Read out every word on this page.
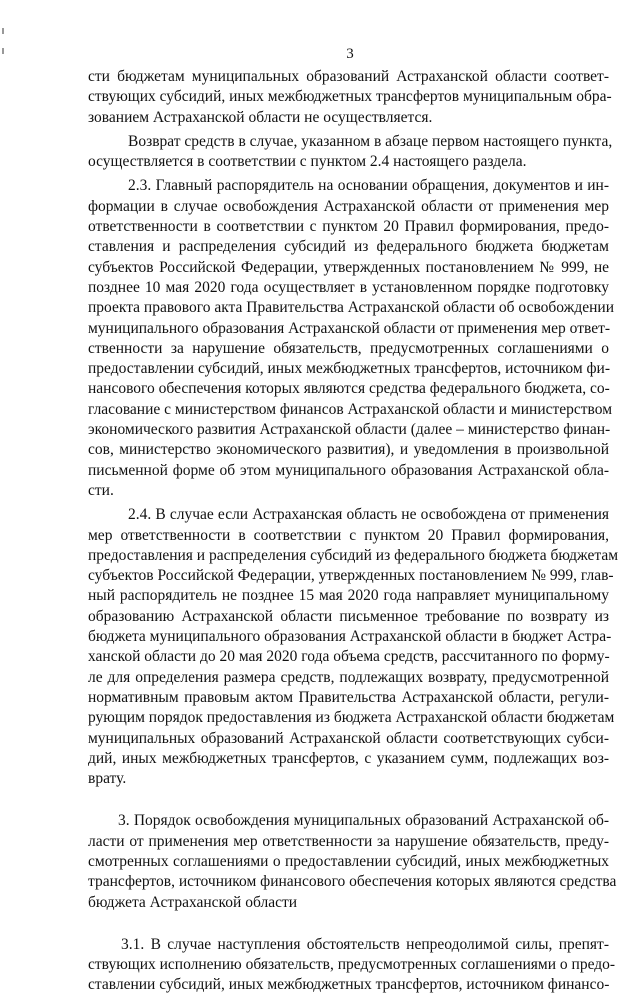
3
сти бюджетам муниципальных образований Астраханской области соответ-
ствующих субсидий, иных межбюджетных трансфертов муниципальным обра-
зованием Астраханской области не осуществляется.
Возврат средств в случае, указанном в абзаце первом настоящего пункта,
осуществляется в соответствии с пунктом 2.4 настоящего раздела.
2.3. Главный распорядитель на основании обращения, документов и ин-
формации в случае освобождения Астраханской области от применения мер
ответственности в соответствии с пунктом 20 Правил формирования, предо-
ставления и распределения субсидий из федерального бюджета бюджетам
субъектов Российской Федерации, утвержденных постановлением № 999, не
позднее 10 мая 2020 года осуществляет в установленном порядке подготовку
проекта правового акта Правительства Астраханской области об освобождении
муниципального образования Астраханской области от применения мер ответ-
ственности за нарушение обязательств, предусмотренных соглашениями о
предоставлении субсидий, иных межбюджетных трансфертов, источником фи-
нансового обеспечения которых являются средства федерального бюджета, со-
гласование с министерством финансов Астраханской области и министерством
экономического развития Астраханской области (далее – министерство финан-
сов, министерство экономического развития), и уведомления в произвольной
письменной форме об этом муниципального образования Астраханской обла-
сти.
2.4. В случае если Астраханская область не освобождена от применения
мер ответственности в соответствии с пунктом 20 Правил формирования,
предоставления и распределения субсидий из федерального бюджета бюджетам
субъектов Российской Федерации, утвержденных постановлением № 999, глав-
ный распорядитель не позднее 15 мая 2020 года направляет муниципальному
образованию Астраханской области письменное требование по возврату из
бюджета муниципального образования Астраханской области в бюджет Астра-
ханской области до 20 мая 2020 года объема средств, рассчитанного по форму-
ле для определения размера средств, подлежащих возврату, предусмотренной
нормативным правовым актом Правительства Астраханской области, регули-
рующим порядок предоставления из бюджета Астраханской области бюджетам
муниципальных образований Астраханской области соответствующих субси-
дий, иных межбюджетных трансфертов, с указанием сумм, подлежащих воз-
врату.
3. Порядок освобождения муниципальных образований Астраханской об-
ласти от применения мер ответственности за нарушение обязательств, преду-
смотренных соглашениями о предоставлении субсидий, иных межбюджетных
трансфертов, источником финансового обеспечения которых являются средства
бюджета Астраханской области
3.1. В случае наступления обстоятельств непреодолимой силы, препят-
ствующих исполнению обязательств, предусмотренных соглашениями о предо-
ставлении субсидий, иных межбюджетных трансфертов, источником финансо-
